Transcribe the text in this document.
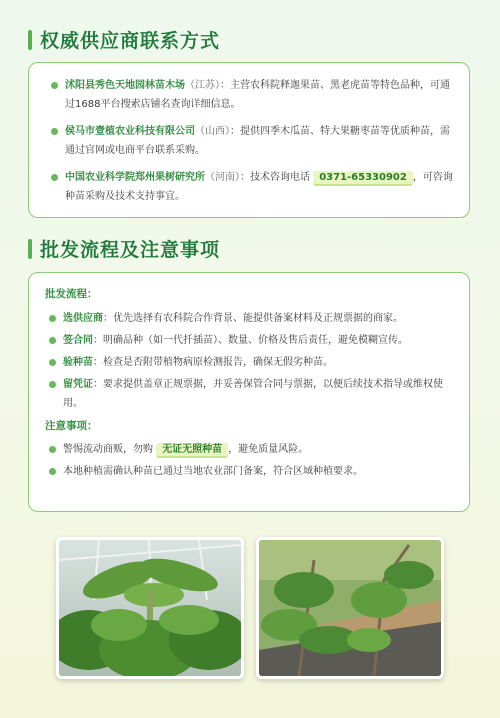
权威供应商联系方式
沭阳县秀色天地园林苗木场（江苏）：主营农科院释迦果苗、黑老虎苗等特色品种，可通过1688平台搜索店铺名查询详细信息。
侯马市壹植农业科技有限公司（山西）：提供四季木瓜苗、特大果糖枣苗等优质种苗，需通过官网或电商平台联系采购。
中国农业科学院郑州果树研究所（河南）：技术咨询电话 0371-65330902 ，可咨询种苗采购及技术支持事宜。
批发流程及注意事项
批发流程：
选供应商：优先选择有农科院合作背景、能提供备案材料及正规票据的商家。
签合同：明确品种（如一代扦插苗）、数量、价格及售后责任，避免模糊宣传。
验种苗：检查是否附带植物病原检测报告，确保无假劣种苗。
留凭证：要求提供盖章正规票据，并妥善保管合同与票据，以便后续技术指导或维权使用。
注意事项：
警惕流动商贩，勿购 无证无照种苗 ，避免质量风险。
本地种植需确认种苗已通过当地农业部门备案，符合区域种植要求。
